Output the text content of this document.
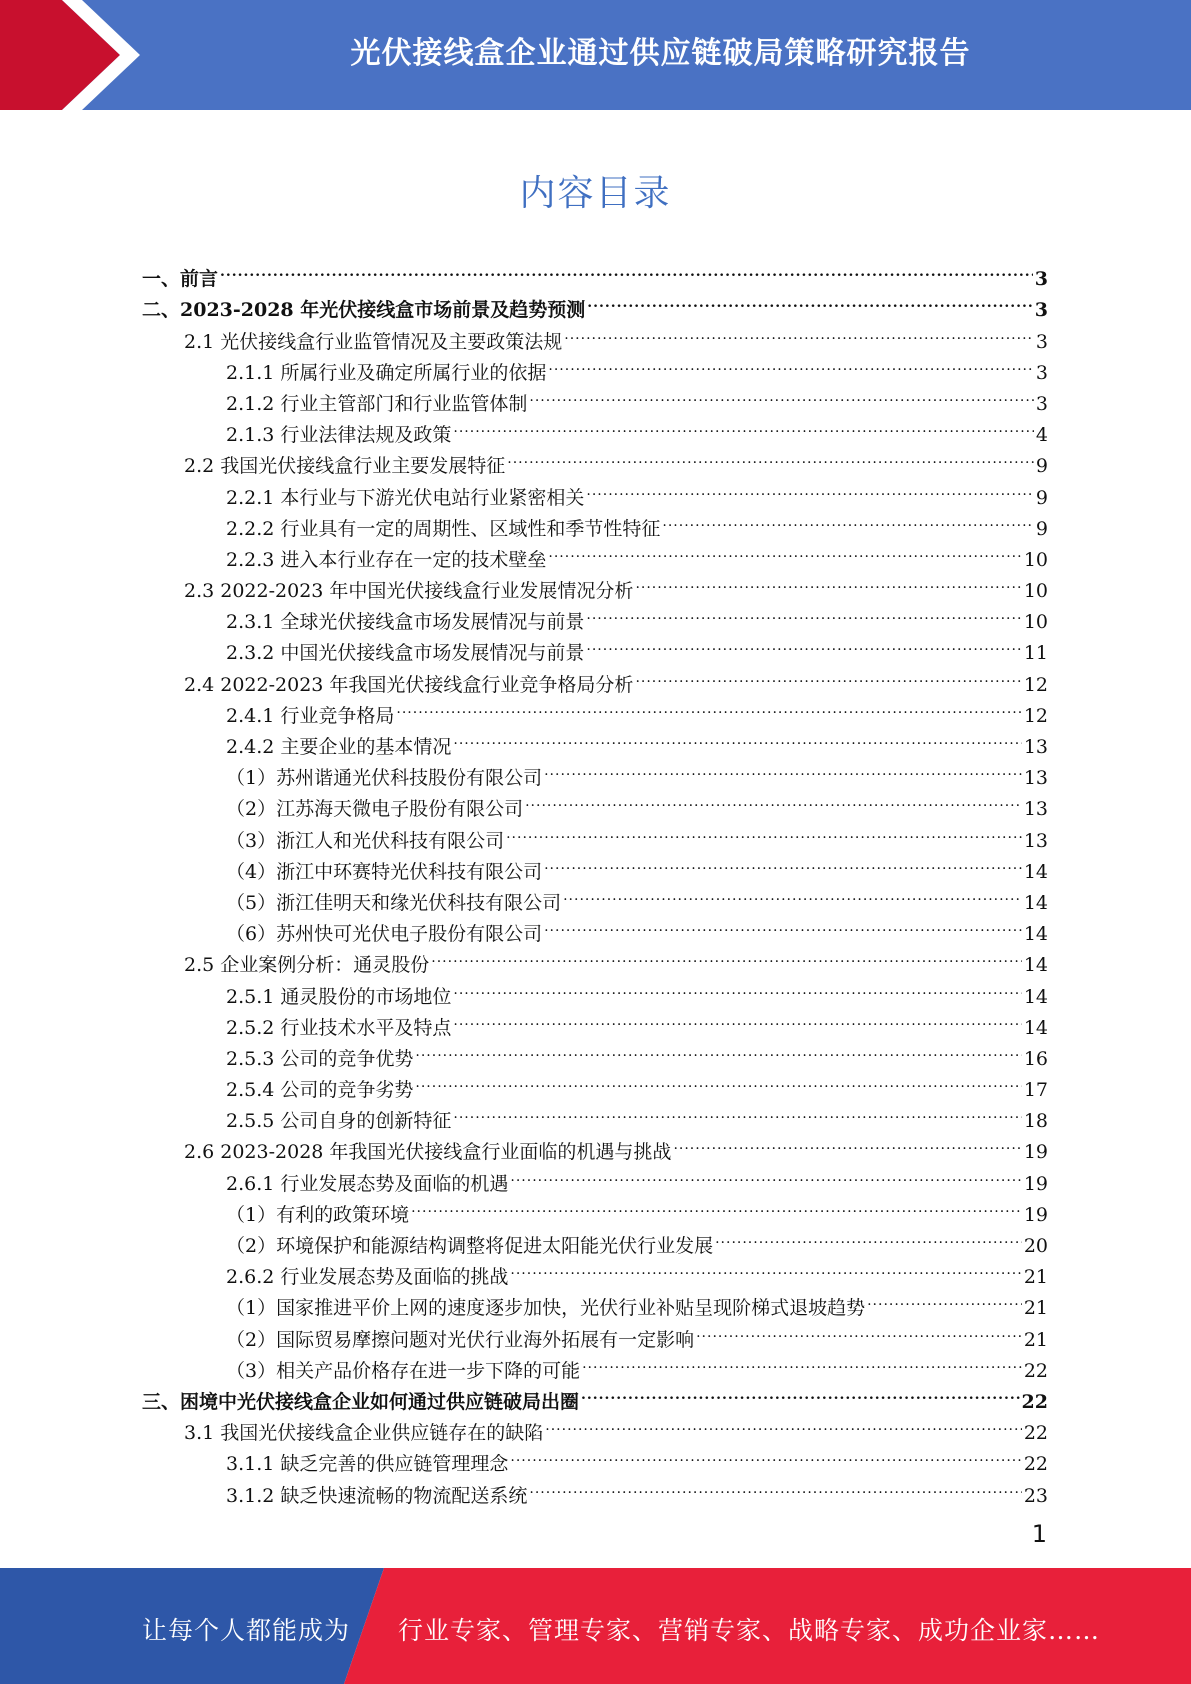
光伏接线盒企业通过供应链破局策略研究报告
内容目录
一、前言 .....	3
二、2023-2028 年光伏接线盒市场前景及趋势预测 .....	3
2.1 光伏接线盒行业监管情况及主要政策法规 .....	3
2.1.1 所属行业及确定所属行业的依据 .....	3
2.1.2 行业主管部门和行业监管体制 .....	3
2.1.3 行业法律法规及政策 .....	4
2.2 我国光伏接线盒行业主要发展特征 .....	9
2.2.1 本行业与下游光伏电站行业紧密相关 .....	9
2.2.2 行业具有一定的周期性、区域性和季节性特征 .....	9
2.2.3 进入本行业存在一定的技术壁垒 .....	10
2.3 2022-2023 年中国光伏接线盒行业发展情况分析 .....	10
2.3.1 全球光伏接线盒市场发展情况与前景 .....	10
2.3.2 中国光伏接线盒市场发展情况与前景 .....	11
2.4 2022-2023 年我国光伏接线盒行业竞争格局分析 .....	12
2.4.1 行业竞争格局 .....	12
2.4.2 主要企业的基本情况 .....	13
（1）苏州谐通光伏科技股份有限公司 .....	13
（2）江苏海天微电子股份有限公司 .....	13
（3）浙江人和光伏科技有限公司 .....	13
（4）浙江中环赛特光伏科技有限公司 .....	14
（5）浙江佳明天和缘光伏科技有限公司 .....	14
（6）苏州快可光伏电子股份有限公司 .....	14
2.5 企业案例分析：通灵股份 .....	14
2.5.1 通灵股份的市场地位 .....	14
2.5.2 行业技术水平及特点 .....	14
2.5.3 公司的竞争优势 .....	16
2.5.4 公司的竞争劣势 .....	17
2.5.5 公司自身的创新特征 .....	18
2.6 2023-2028 年我国光伏接线盒行业面临的机遇与挑战 .....	19
2.6.1 行业发展态势及面临的机遇 .....	19
（1）有利的政策环境 .....	19
（2）环境保护和能源结构调整将促进太阳能光伏行业发展 .....	20
2.6.2 行业发展态势及面临的挑战 .....	21
（1）国家推进平价上网的速度逐步加快，光伏行业补贴呈现阶梯式退坡趋势 .....	21
（2）国际贸易摩擦问题对光伏行业海外拓展有一定影响 .....	21
（3）相关产品价格存在进一步下降的可能 .....	22
三、困境中光伏接线盒企业如何通过供应链破局出圈 .....	22
3.1 我国光伏接线盒企业供应链存在的缺陷 .....	22
3.1.1 缺乏完善的供应链管理理念 .....	22
3.1.2 缺乏快速流畅的物流配送系统 .....	23
1
让每个人都能成为 行业专家、管理专家、营销专家、战略专家、成功企业家……
